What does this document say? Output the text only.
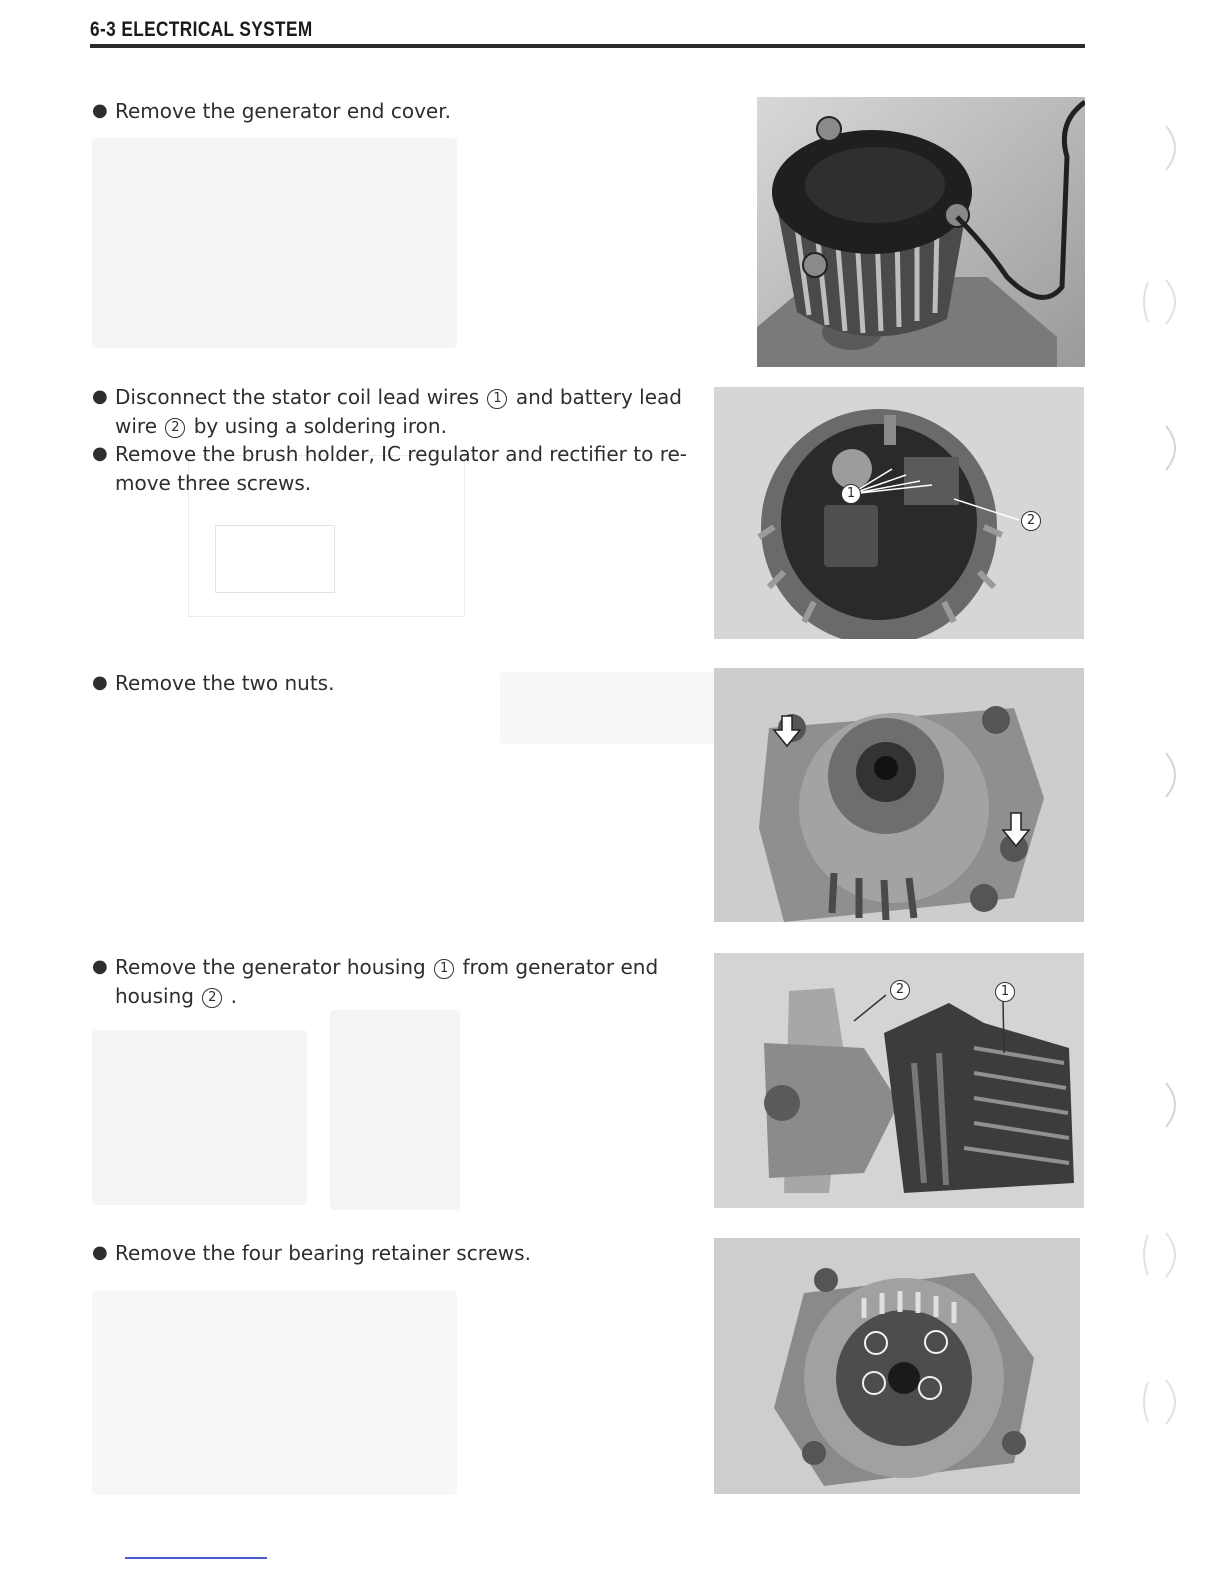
6-3 ELECTRICAL SYSTEM
● Remove the generator end cover.
● Disconnect the stator coil lead wires 1 and battery lead
wire 2 by using a soldering iron.
● Remove the brush holder, IC regulator and rectifier to re-
move three screws.
● Remove the two nuts.
● Remove the generator housing 1 from generator end
housing 2 .
● Remove the four bearing retainer screws.
1
2
2	1
